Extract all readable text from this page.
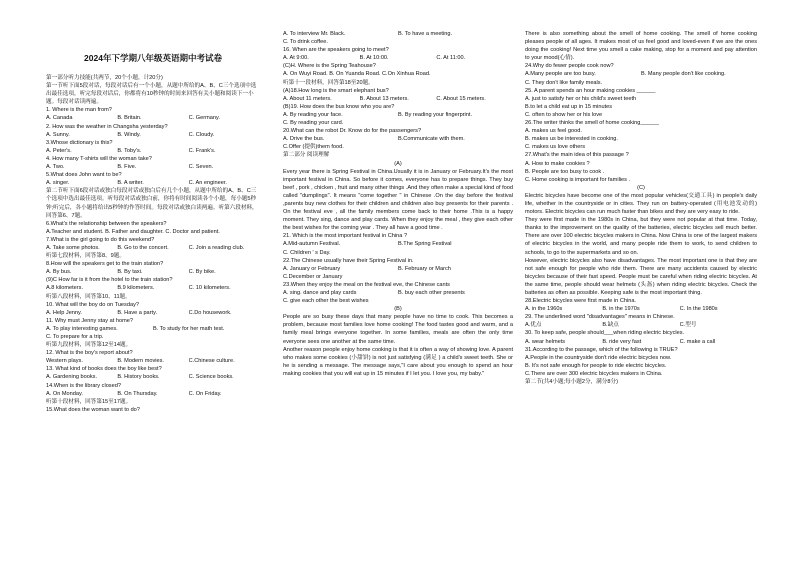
2024年下学期八年级英语期中考试卷
第一部分听力技能(共两节，20个小题，计20分)
第一节听下面5段对话，每段对话后有一个小题，从题中所给的A、B、C三个选项中选出最佳选项，听完每段对话后，你都将有10秒钟的时间来回答有关小题和阅读下一小题。每段对话读两遍。
1. Where is the man from?
A. Canada	B. Britain.	C. Germany.
2. How was the weather in Changsha yesterday?
A. Sunny.	B. Windy.	C. Cloudy.
3.Whose dictionary is this?
A. Peter's.	B. Toby's.	C. Frank's.
4. How many T-shirts will the woman take?
A. Two.	B. Five.	C. Seven.
5.What does John want to be?
A. singer.	B. A writer.	C. An engineer.
第二节听下面6段对话或独白每段对话或独白后有几个小题，从题中所给的A、B、C三个选项中选出最佳选项。听每段对话或独白前，你将有时间阅读各个小题，每小题5秒钟;听完后，各小题将给出5秒钟的作答时间。每段对话或独白读两遍。听第六段材料，回答第6、7题。
6.What's the relationship between the speakers?
A.Teacher and student. B. Father and daughter. C. Doctor and patient.
7.What is the girl going to do this weekend?
A. Take some photos.	B. Go to the concert.	C. Join a reading club.
听第七段材料，回答第8、9题。
8.How will the speakers get to the train station?
A. By bus.	B. By taxi.	C. By bike.
(9)C How far is it from the hotel to the train station?
A.8 kilometers.	B.9 kilometers.	C. 10 kilometers.
听第八段材料，回答第10、11题。
10. What will the boy do on Tuesday?
A. Help Jenny.	B. Have a party.	C.Do housework.
11. Why must Jenny stay at home?
A. To play interesting games.	B. To study for her math test.
C. To prepare for a trip.
听第九段材料，回答第12至14题。
12. What is the boy's report about?
Western plays.	B. Modern movies.	C.Chinese culture.
13. What kind of books does the boy like best?
A. Gardening books.	B. History books.	C. Science books.
14.When is the library closed?
A. On Monday.	B. On Thursday.	C. On Friday.
听第十段材料，回答第15至17题。
15.What does the woman want to do?
A. To interview Mr. Black.	B. To have a meeting.
C. To drink coffee.
16. When are the speakers going to meet?
A. At 9:00.	B. At 10:00.	C. At 11:00.
(C)H. Where is the Spring Teahouse?
A. On Wuyi Road. B. On Yuanda Road. C.On Xinhua Road.
听第十一段材料，回答第18至20题。
(A)18.How long is the smart elephant bus?
A. About 11 meters.	B. About 13 meters.	C. About 15 meters.
(B)19. How does the bus know who you are?
A. By reading your face.	B. By reading your fingerprint.
C. By reading your card.
20.What can the robot Dr. Know do for the passengers?
A. Drive the bus.	B.Communicate with them.
C.Offer (提供)them food.
第二部分 阅读理解
(A)
Every year there is Spring Festival in China.Usually it is in January or February.It's the most important festival in China. So before it comes, everyone has to prepare things. They buy beef , pork , chicken , fruit and many other things .And they often make a special kind of food called "dumplings". It means "come together " in Chinese .On the day before the festival ,parents buy new clothes for their children and children also buy presents for their parents . On the festival eve , all the family members come back to their home .This is a happy moment. They sing, dance and play cards. When they enjoy the meal , they give each other the best wishes for the coming year . They all have a good time .
21. Which is the most important festival in China ?
A.Mid-autumn Festival.	B.The Spring Festival
C. Children ' s Day.
22.The Chinese usually have their Spring Festival in.
A. January or February	B. February or March
C.December or January
23.When they enjoy the meal on the festival eve, the Chinese cants
A. sing. dance and play cards	B. buy each other presents
C. give each other the best wishes
(B)
People are so busy these days that many people have no time to cook. This becomes a problem, because most families love home cooking! The food tastes good and warm, and a family meal brings everyone together. In some families, meals are often the only time everyone sees one another at the same time.
Another reason people enjoy home cooking is that it is often a way of showing love. A parent who makes some cookies (小甜饼) is not just satisfying (满足 ) a child's sweet teeth. She or he is sending a message. The message says,"I care about you enough to spend an hour making cookies that you will eat up in 15 minutes if I let you. I love you, my baby."
There is also something about the smell of home cooking. The smell of home cooking pleases people of all ages. It makes most of us feel good and loved-even if we are the ones doing the cooking! Next time you smell a cake making, stop for a moment and pay attention to your mood(心情).
24.Why do fewer people cook now?
A.Many people are too busy.	B. Many people don't like cooking.
C. They don't like family meals.
25. A parent spends an hour making cookies ______
A. just to satisfy her or his child's sweet teeth
B.to let a child eat up in 15 minutes
C. often to show her or his love
26.The writer thinks the smell of home cooking______
A. makes us feel good.
B. makes us be interested in cooking.
C. makes us love others
27.What's the main idea of this passage ?
A. How to make cookies ?
B. People are too busy to cook .
C. Home cooking is important for families .
(C)
Electric bicycles have become one of the most popular vehicles(交通工具) in people's daily life, whether in the countryside or in cities. They run on battery-operated (用电池发动的) motors. Electric bicycles can run much faster than bikes and they are very easy to ride.
They were first made in the 1980s in China, but they were not popular at that time. Today, thanks to the improvement on the quality of the batteries, electric bicycles sell much better. There are over 100 electric bicycles makers in China. Now China is one of the largest makers of electric bicycles in the world, and many people ride them to work, to send children to schools, to go to the supermarkets and so on.
However, electric bicycles also have disadvantages. The most important one is that they are not safe enough for people who ride them. There are many accidents caused by electric bicycles because of their fast speed. People must be careful when riding electric bicycles. At the same time, people should wear helmets (头盔) when riding electric bicycles. Check the batteries as often as possible. Keeping safe is the most important thing.
28.Electric bicycles were first made in China.
A. in the 1960s	B. in the 1970s	C. In the 1980s
29. The underlined word "disadvantages" means in Chinese.
A.优点	B.缺点	C.型号
30. To keep safe, people should___when riding electric bicycles.
A. wear helmets	B. ride very fast	C. make a call
31.According to the passage, which of the following is TRUE?
A.People in the countryside don't ride electric bicycles now.
B. It's not safe enough for people to ride electric bicycles.
C.There are over 300 electric bicycles makers in China.
第二节(共4小题;每小题2分，满分8分)
